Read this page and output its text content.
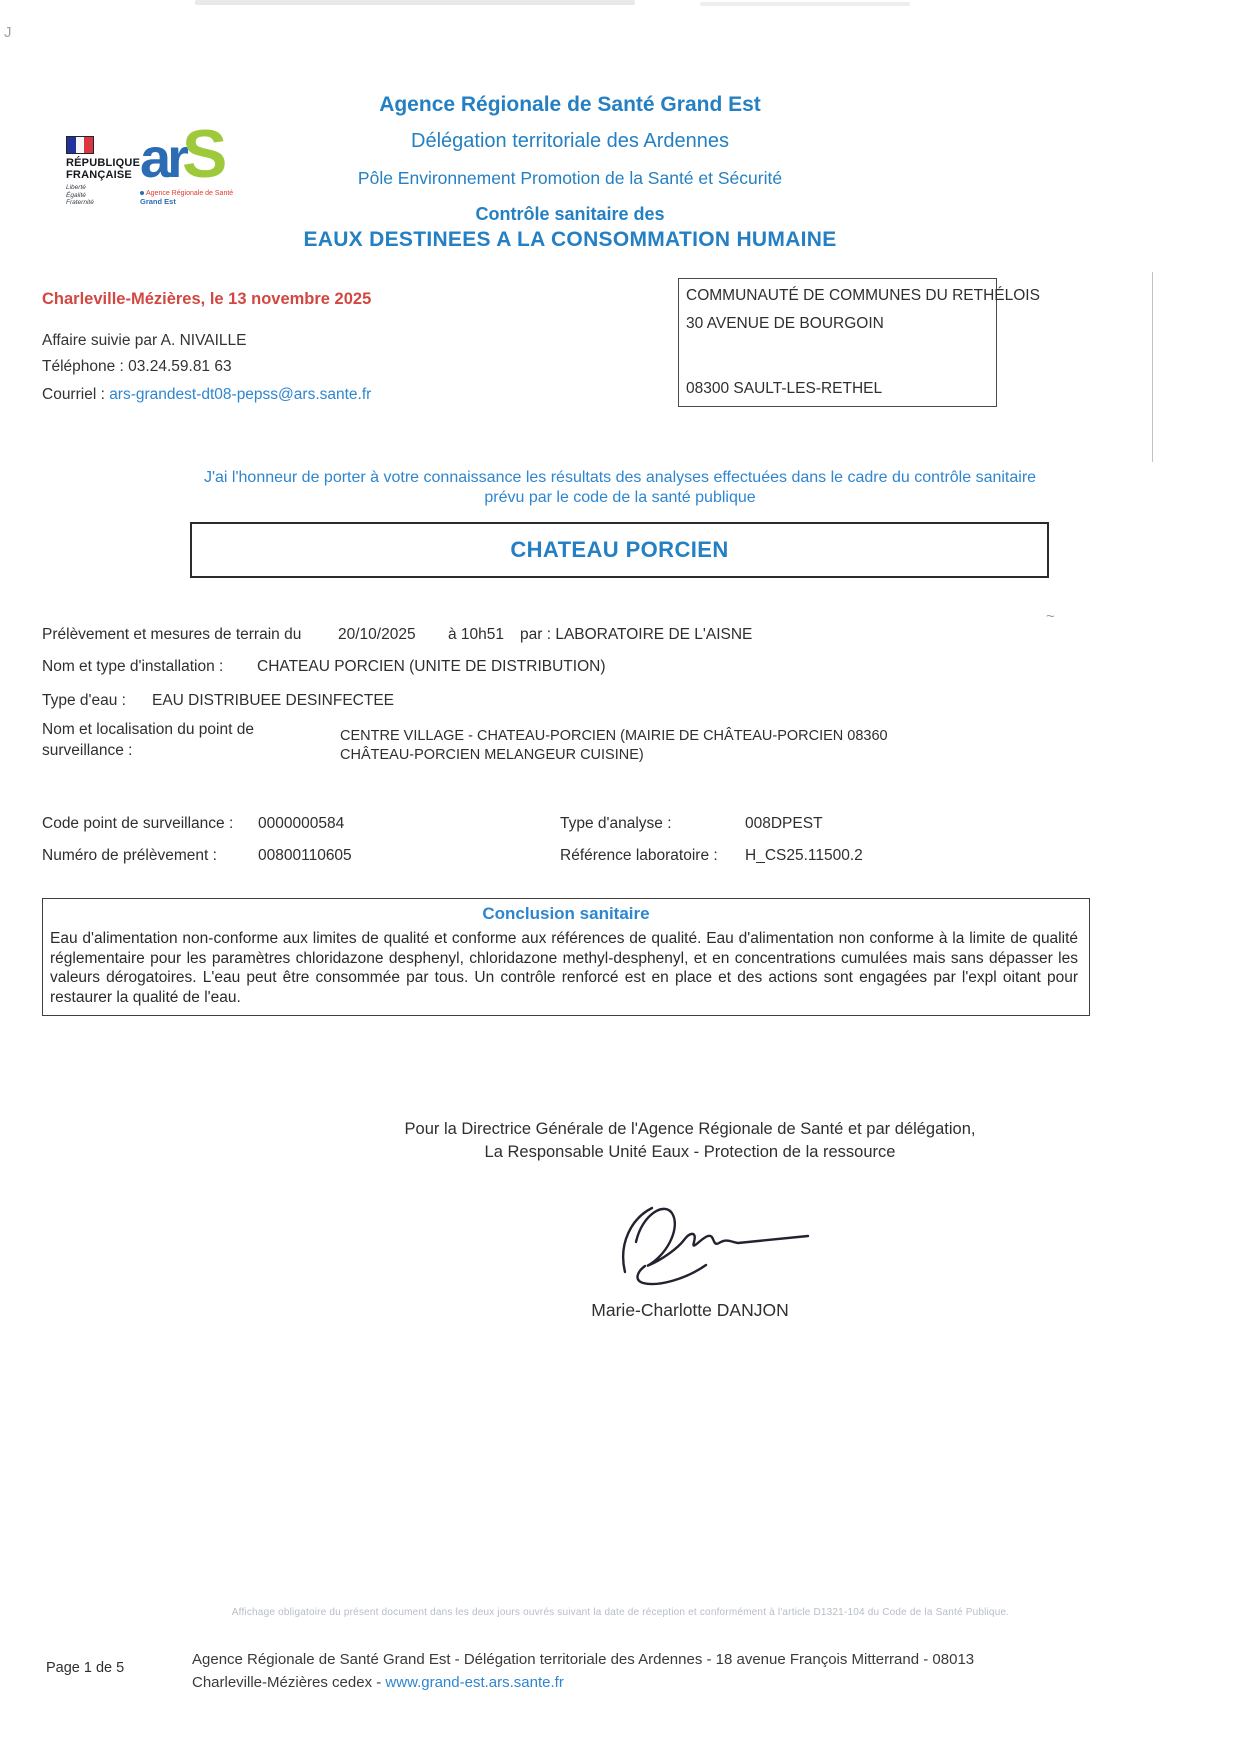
J
~
Agence Régionale de Santé Grand Est
Délégation territoriale des Ardennes
Pôle Environnement Promotion de la Santé et Sécurité
Contrôle sanitaire des
EAUX DESTINEES A LA CONSOMMATION HUMAINE
RÉPUBLIQUE
FRANÇAISE
Liberté
Égalité
Fraternité
arS
Agence Régionale de Santé
Grand Est
Charleville-Mézières, le 13 novembre 2025
Affaire suivie par A. NIVAILLE
Téléphone : 03.24.59.81 63
Courriel : ars-grandest-dt08-pepss@ars.sante.fr
COMMUNAUTÉ DE COMMUNES DU RETHÉLOIS
30 AVENUE DE BOURGOIN
08300 SAULT-LES-RETHEL
J'ai l'honneur de porter à votre connaissance les résultats des analyses effectuées dans le cadre du contrôle sanitaire
prévu par le code de la santé publique
CHATEAU PORCIEN
Prélèvement et mesures de terrain du 20/10/2025 à 10h51 par : LABORATOIRE DE L'AISNE
Nom et type d'installation : CHATEAU PORCIEN (UNITE DE DISTRIBUTION)
Type d'eau : EAU DISTRIBUEE DESINFECTEE
Nom et localisation du point de
surveillance :
CENTRE VILLAGE - CHATEAU-PORCIEN (MAIRIE DE CHÂTEAU-PORCIEN 08360 CHÂTEAU-PORCIEN MELANGEUR CUISINE)
Code point de surveillance : 0000000584	Type d'analyse :	008DPEST
Numéro de prélèvement :	00800110605	Référence laboratoire : H_CS25.11500.2
Conclusion sanitaire
Eau d'alimentation non-conforme aux limites de qualité et conforme aux références de qualité. Eau d'alimentation non conforme à la limite de qualité réglementaire pour les paramètres chloridazone desphenyl, chloridazone methyl-desphenyl, et en concentrations cumulées mais sans dépasser les valeurs dérogatoires. L'eau peut être consommée par tous. Un contrôle renforcé est en place et des actions sont engagées par l'expl oitant pour restaurer la qualité de l'eau.
Pour la Directrice Générale de l'Agence Régionale de Santé et par délégation,
La Responsable Unité Eaux - Protection de la ressource
Marie-Charlotte DANJON
Affichage obligatoire du présent document dans les deux jours ouvrés suivant la date de réception et conformément à l'article D1321-104 du Code de la Santé Publique.
Page 1 de 5	Agence Régionale de Santé Grand Est - Délégation territoriale des Ardennes - 18 avenue François Mitterrand - 08013
Charleville-Mézières cedex - www.grand-est.ars.sante.fr
